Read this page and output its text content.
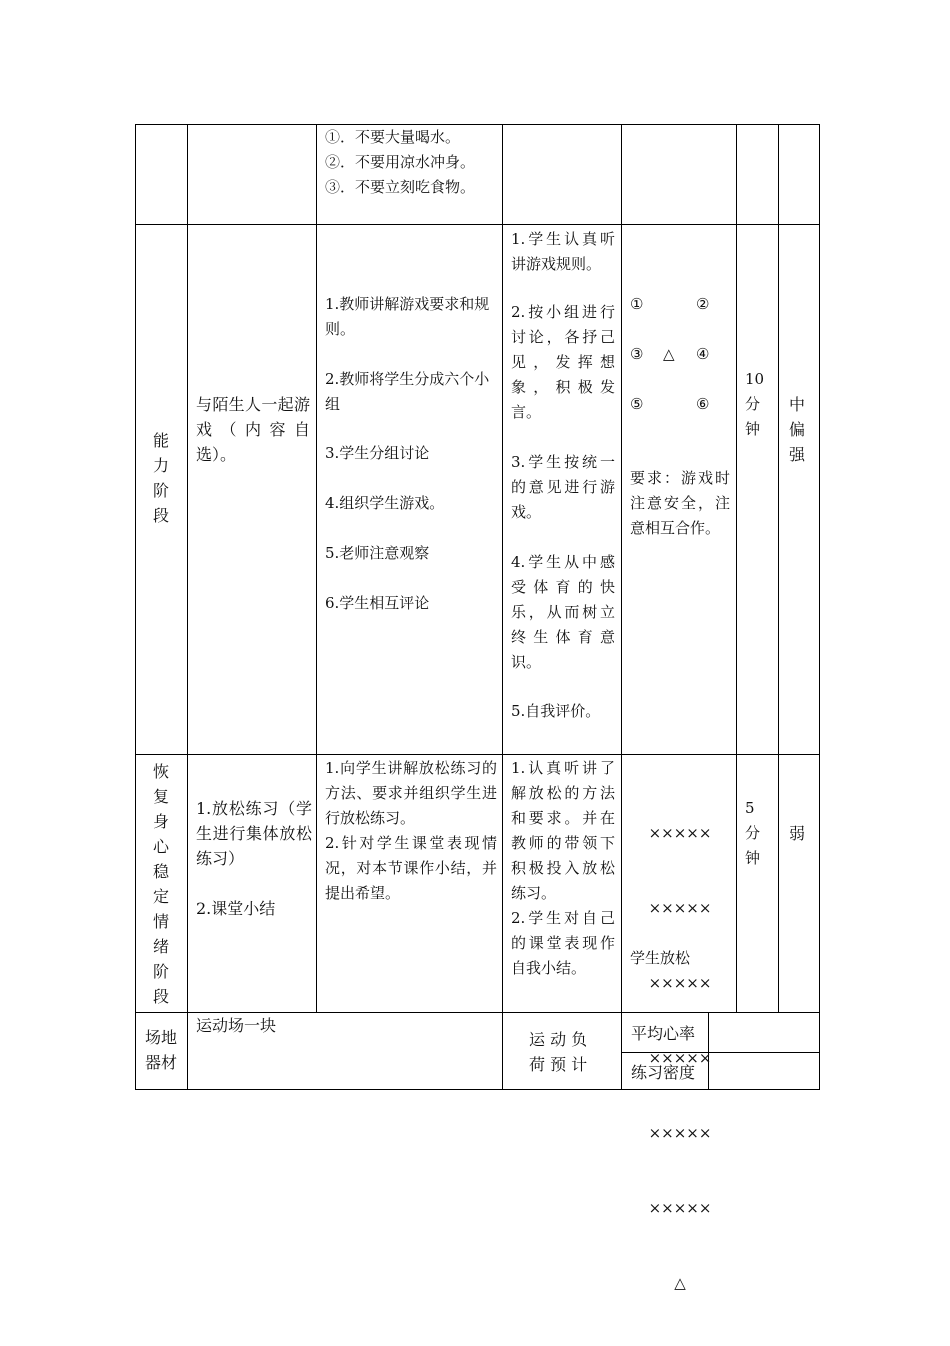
①．不要大量喝水。
②．不要用凉水冲身。
③．不要立刻吃食物。
能
力
阶
段
与陌生人一起游戏（内容自选）。
1.教师讲解游戏要求和规则。
2.教师将学生分成六个小组
3.学生分组讨论
4.组织学生游戏。
5.老师注意观察
6.学生相互评论
1.学生认真听讲游戏规则。
2.按小组进行讨论，各抒己见，发挥想象，积极发言。
3.学生按统一的意见进行游戏。
4.学生从中感受体育的快乐，从而树立终生体育意识。
5.自我评价。
①	②
③ △ ④
⑤	⑥
要求：游戏时注意安全，注意相互合作。
10
分
钟
中
偏
强
恢
复
身
心
稳
定
情
绪
阶
段
1.放松练习（学生进行集体放松练习）
2.课堂小结
1.向学生讲解放松练习的方法、要求并组织学生进行放松练习。
2.针对学生课堂表现情况，对本节课作小结，并提出希望。
1.认真听讲了解放松的方法和要求。并在教师的带领下积极投入放松练习。
2.学生对自己的课堂表现作自我小结。

×××××

×××××

×××××

×××××

×××××

×××××

△

学生放松
5
分
钟
弱
场地
器材
运动场一块
运 动 负
荷 预 计
平均心率
练习密度
